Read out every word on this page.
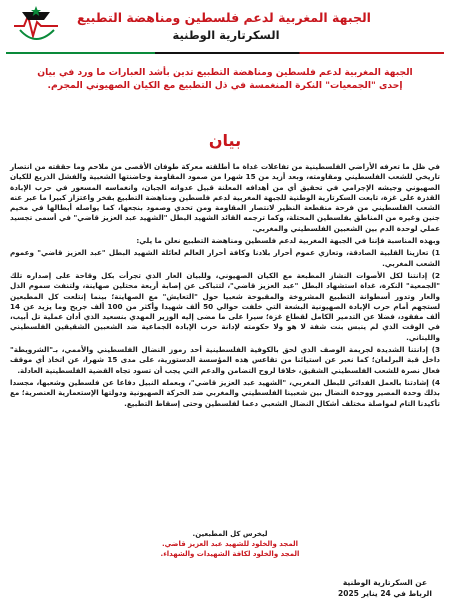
الجبهة المغربية لدعم فلسطين ومناهضة التطبيع
السكرتارية الوطنية
الجبهة المغربية لدعم فلسطين ومناهضة التطبيع تدين بأشد العبارات ما ورد في بيان
إحدى "الجمعيات" النكرة المنغمسة في ذل التطبيع مع الكيان الصهيوني المجرم.
بيان

في ظل ما تعرفه الأراضي الفلسطينية من تفاعلات غداة ما أطلقته معركة طوفان الأقصى من ملاحم وما حققته من انتصار تاريخي للشعب الفلسطيني ومقاومته، وبعد أزيد من 15 شهرا من صمود المقاومة وحاضنتها الشعبية والفشل الذريع للكيان الصهيوني وجيشه الإجرامي في تحقيق أي من أهدافه المعلنة قبيل عدوانه الجبان، وانغماسه المسعور في حرب الإبادة القذرة على غزة، تابعت السكرتارية الوطنية للجبهة المغربية لدعم فلسطين ومناهضة التطبيع بفخر واعتزاز كبيرا ما عبر عنه الشعب الفلسطيني من فرحة منقطعة النظير لانتصار المقاومة ومن تحدي وصمود بنجعها، كما يواصله أبطالها في مخيم جنين وغيره من المناطق بفلسطين المحتلة، وكما ترجمه القائد الشهيد البطل "الشهيد عبد العزيز قاضي" في أسمى تجسيد عملي لوحدة الدم بين الشعبين الفلسطيني والمغربي.

وبهذه المناسبة فإننا في الجبهة المغربية لدعم فلسطين ومناهضة التطبيع نعلن ما يلي:

1) تعازينا القلبية الصادقة، وتعازي عموم أحرار بلادنا وكافة أحرار العالم لعائلة الشهيد البطل "عبد العزيز قاضي" وعموم الشعب المغربي.

2) إدانتنا لكل الأصوات النشاز المطبعة مع الكيان الصهيوني، وللبيان العار الذي تجرأت بكل وقاحة على إصداره تلك "الجمعية" النكرة، غداة استشهاد البطل "عبد العزيز قاضي"، لتتباكى عن إصابة أربعة محتلين صهاينة، ولتنفث سموم الذل والعار وتدور أسطوانة التطبيع المشروخة والمقبوحة شعبيا حول "التعايش" مع الصهاينة؛ بينما إنتلعت كل المطبعين لستجهم أمام حرب الإبادة الصهيونية البشعة التي خلفت حوالي 50 ألف شهيدا وأكثر من 100 ألف جريح وما يزيد عن 14 ألف مفقود، فضلا عن التدمير الكامل لقطاع غزة؛ سيرا على ما مضى إليه الوزير المهدي بنسعيد الذي أدان عملية تل أبيب، في الوقت الذي لم ينبس بنت شفة لا هو ولا حكومته لإدانة حرب الإبادة الجماعية ضد الشعبين الشقيقين الفلسطيني واللبناني.

3) إدانتنا الشديدة لجريمة الوصف الذي لحق بالكوفية الفلسطينية أحد رموز النضال الفلسطيني والأممي، بـ"الشرويطة" داخل قبة البرلمان؛ كما نعبر عن استيائنا من تقاعس هذه المؤسسة الدستورية، على مدى 15 شهرا، عن اتخاذ أي موقف فعال نصرة للشعب الفلسطيني الشقيق، خلافا لروح التضامن والدعم التي يجب أن تسود تجاه القضية الفلسطينية العادلة.

4) إشادتنا بالعمل الفدائي للبطل المغربي، "الشهيد عبد العزيز قاضي"، وبعمله النبيل دفاعا عن فلسطين وشعبها، مجسدا بذلك وحدة المصير ووحدة النضال بين شعبينا الفلسطيني والمغربي ضد الحركة الصهيونية ودولتها الإستعمارية العنصرية؛ مع تأكيدنا التام لمواصلة مختلف أشكال النضال الشعبي دعما لفلسطين وحتى إسقاط التطبيع.

ليخرس كل المطبعين.
المجد والخلود للشهيد عبد العزيز قاضي.
المجد والخلود لكافة الشهيدات والشهداء.
عن السكرتارية الوطنية
الرباط في 24 يناير 2025
